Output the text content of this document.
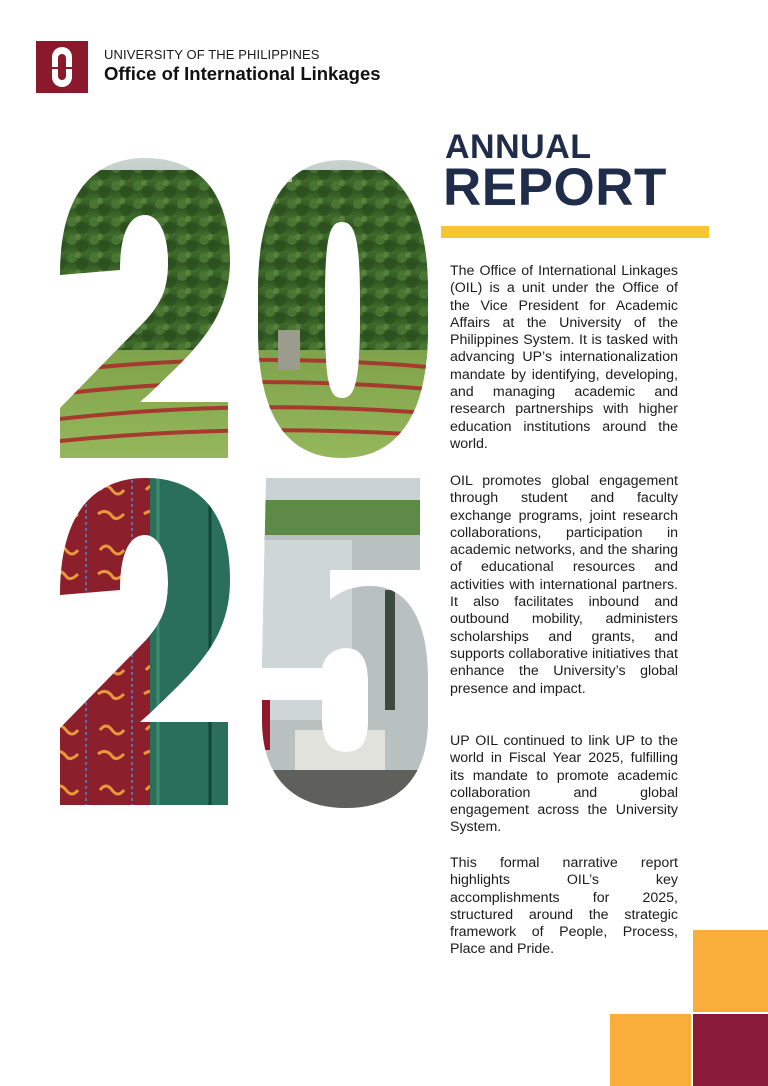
UNIVERSITY OF THE PHILIPPINES
Office of International Linkages
ANNUAL
REPORT

The Office of International Linkages (OIL) is a unit under the Office of the Vice President for Academic Affairs at the University of the Philippines System. It is tasked with advancing UP’s internationalization mandate by identifying, developing, and managing academic and research partnerships with higher education institutions around the world.

OIL promotes global engagement through student and faculty exchange programs, joint research collaborations, participation in academic networks, and the sharing of educational resources and activities with international partners. It also facilitates inbound and outbound mobility, administers scholarships and grants, and supports collaborative initiatives that enhance the University’s global presence and impact.

UP OIL continued to link UP to the world in Fiscal Year 2025, fulfilling its mandate to promote academic collaboration and global engagement across the University System.

This formal narrative report highlights OIL’s key accomplishments for 2025, structured around the strategic framework of People, Process, Place and Pride.
